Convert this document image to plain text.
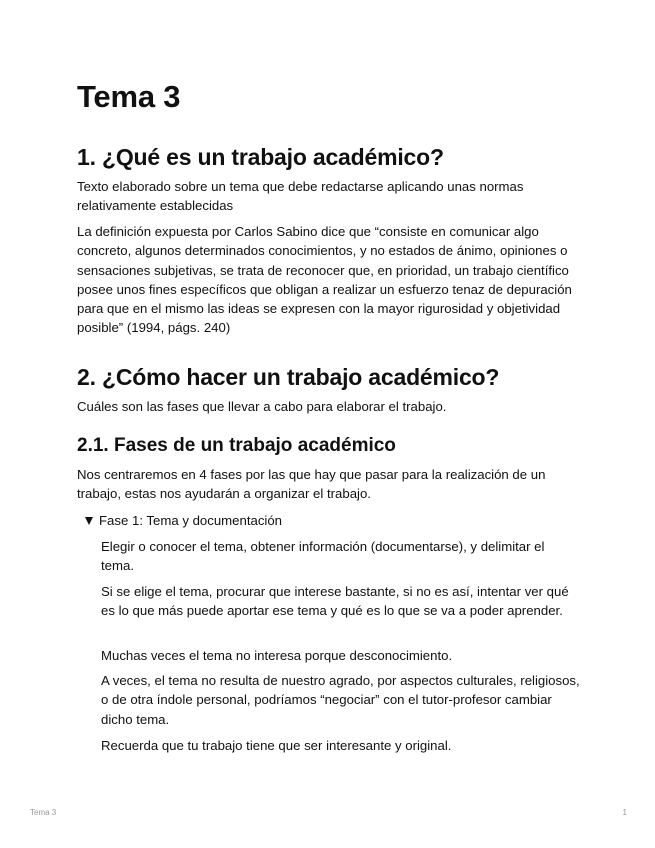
Tema 3
1. ¿Qué es un trabajo académico?

Texto elaborado sobre un tema que debe redactarse aplicando unas normas relativamente establecidas

La definición expuesta por Carlos Sabino dice que “consiste en comunicar algo concreto, algunos determinados conocimientos, y no estados de ánimo, opiniones o sensaciones subjetivas, se trata de reconocer que, en prioridad, un trabajo científico posee unos fines específicos que obligan a realizar un esfuerzo tenaz de depuración para que en el mismo las ideas se expresen con la mayor rigurosidad y objetividad posible” (1994, págs. 240)

2. ¿Cómo hacer un trabajo académico?

Cuáles son las fases que llevar a cabo para elaborar el trabajo.

2.1. Fases de un trabajo académico

Nos centraremos en 4 fases por las que hay que pasar para la realización de un trabajo, estas nos ayudarán a organizar el trabajo.

Fase 1: Tema y documentación

Elegir o conocer el tema, obtener información (documentarse), y delimitar el tema.

Si se elige el tema, procurar que interese bastante, si no es así, intentar ver qué es lo que más puede aportar ese tema y qué es lo que se va a poder aprender.

Muchas veces el tema no interesa porque desconocimiento.

A veces, el tema no resulta de nuestro agrado, por aspectos culturales, religiosos, o de otra índole personal, podríamos “negociar” con el tutor-profesor cambiar dicho tema.

Recuerda que tu trabajo tiene que ser interesante y original.

Tema 3	1
